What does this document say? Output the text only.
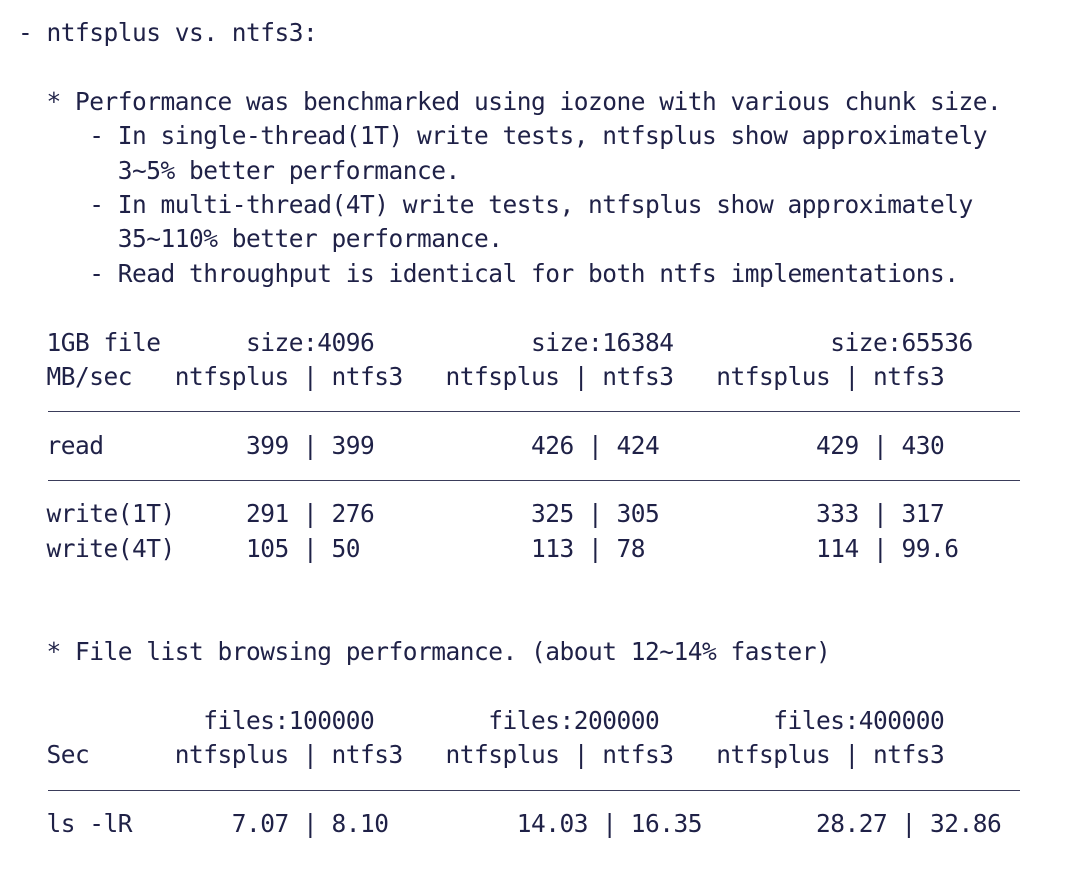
- ntfsplus vs. ntfs3:

* Performance was benchmarked using iozone with various chunk size.
- In single-thread(1T) write tests, ntfsplus show approximately
3~5% better performance.
- In multi-thread(4T) write tests, ntfsplus show approximately
35~110% better performance.
- Read throughput is identical for both ntfs implementations.

1GB file      size:4096           size:16384           size:65536
MB/sec   ntfsplus | ntfs3   ntfsplus | ntfs3   ntfsplus | ntfs3
read          399 | 399           426 | 424           429 | 430
write(1T)     291 | 276           325 | 305           333 | 317
write(4T)     105 | 50            113 | 78            114 | 99.6

* File list browsing performance. (about 12~14% faster)

files:100000        files:200000        files:400000
Sec      ntfsplus | ntfs3   ntfsplus | ntfs3   ntfsplus | ntfs3
ls -lR       7.07 | 8.10         14.03 | 16.35        28.27 | 32.86
